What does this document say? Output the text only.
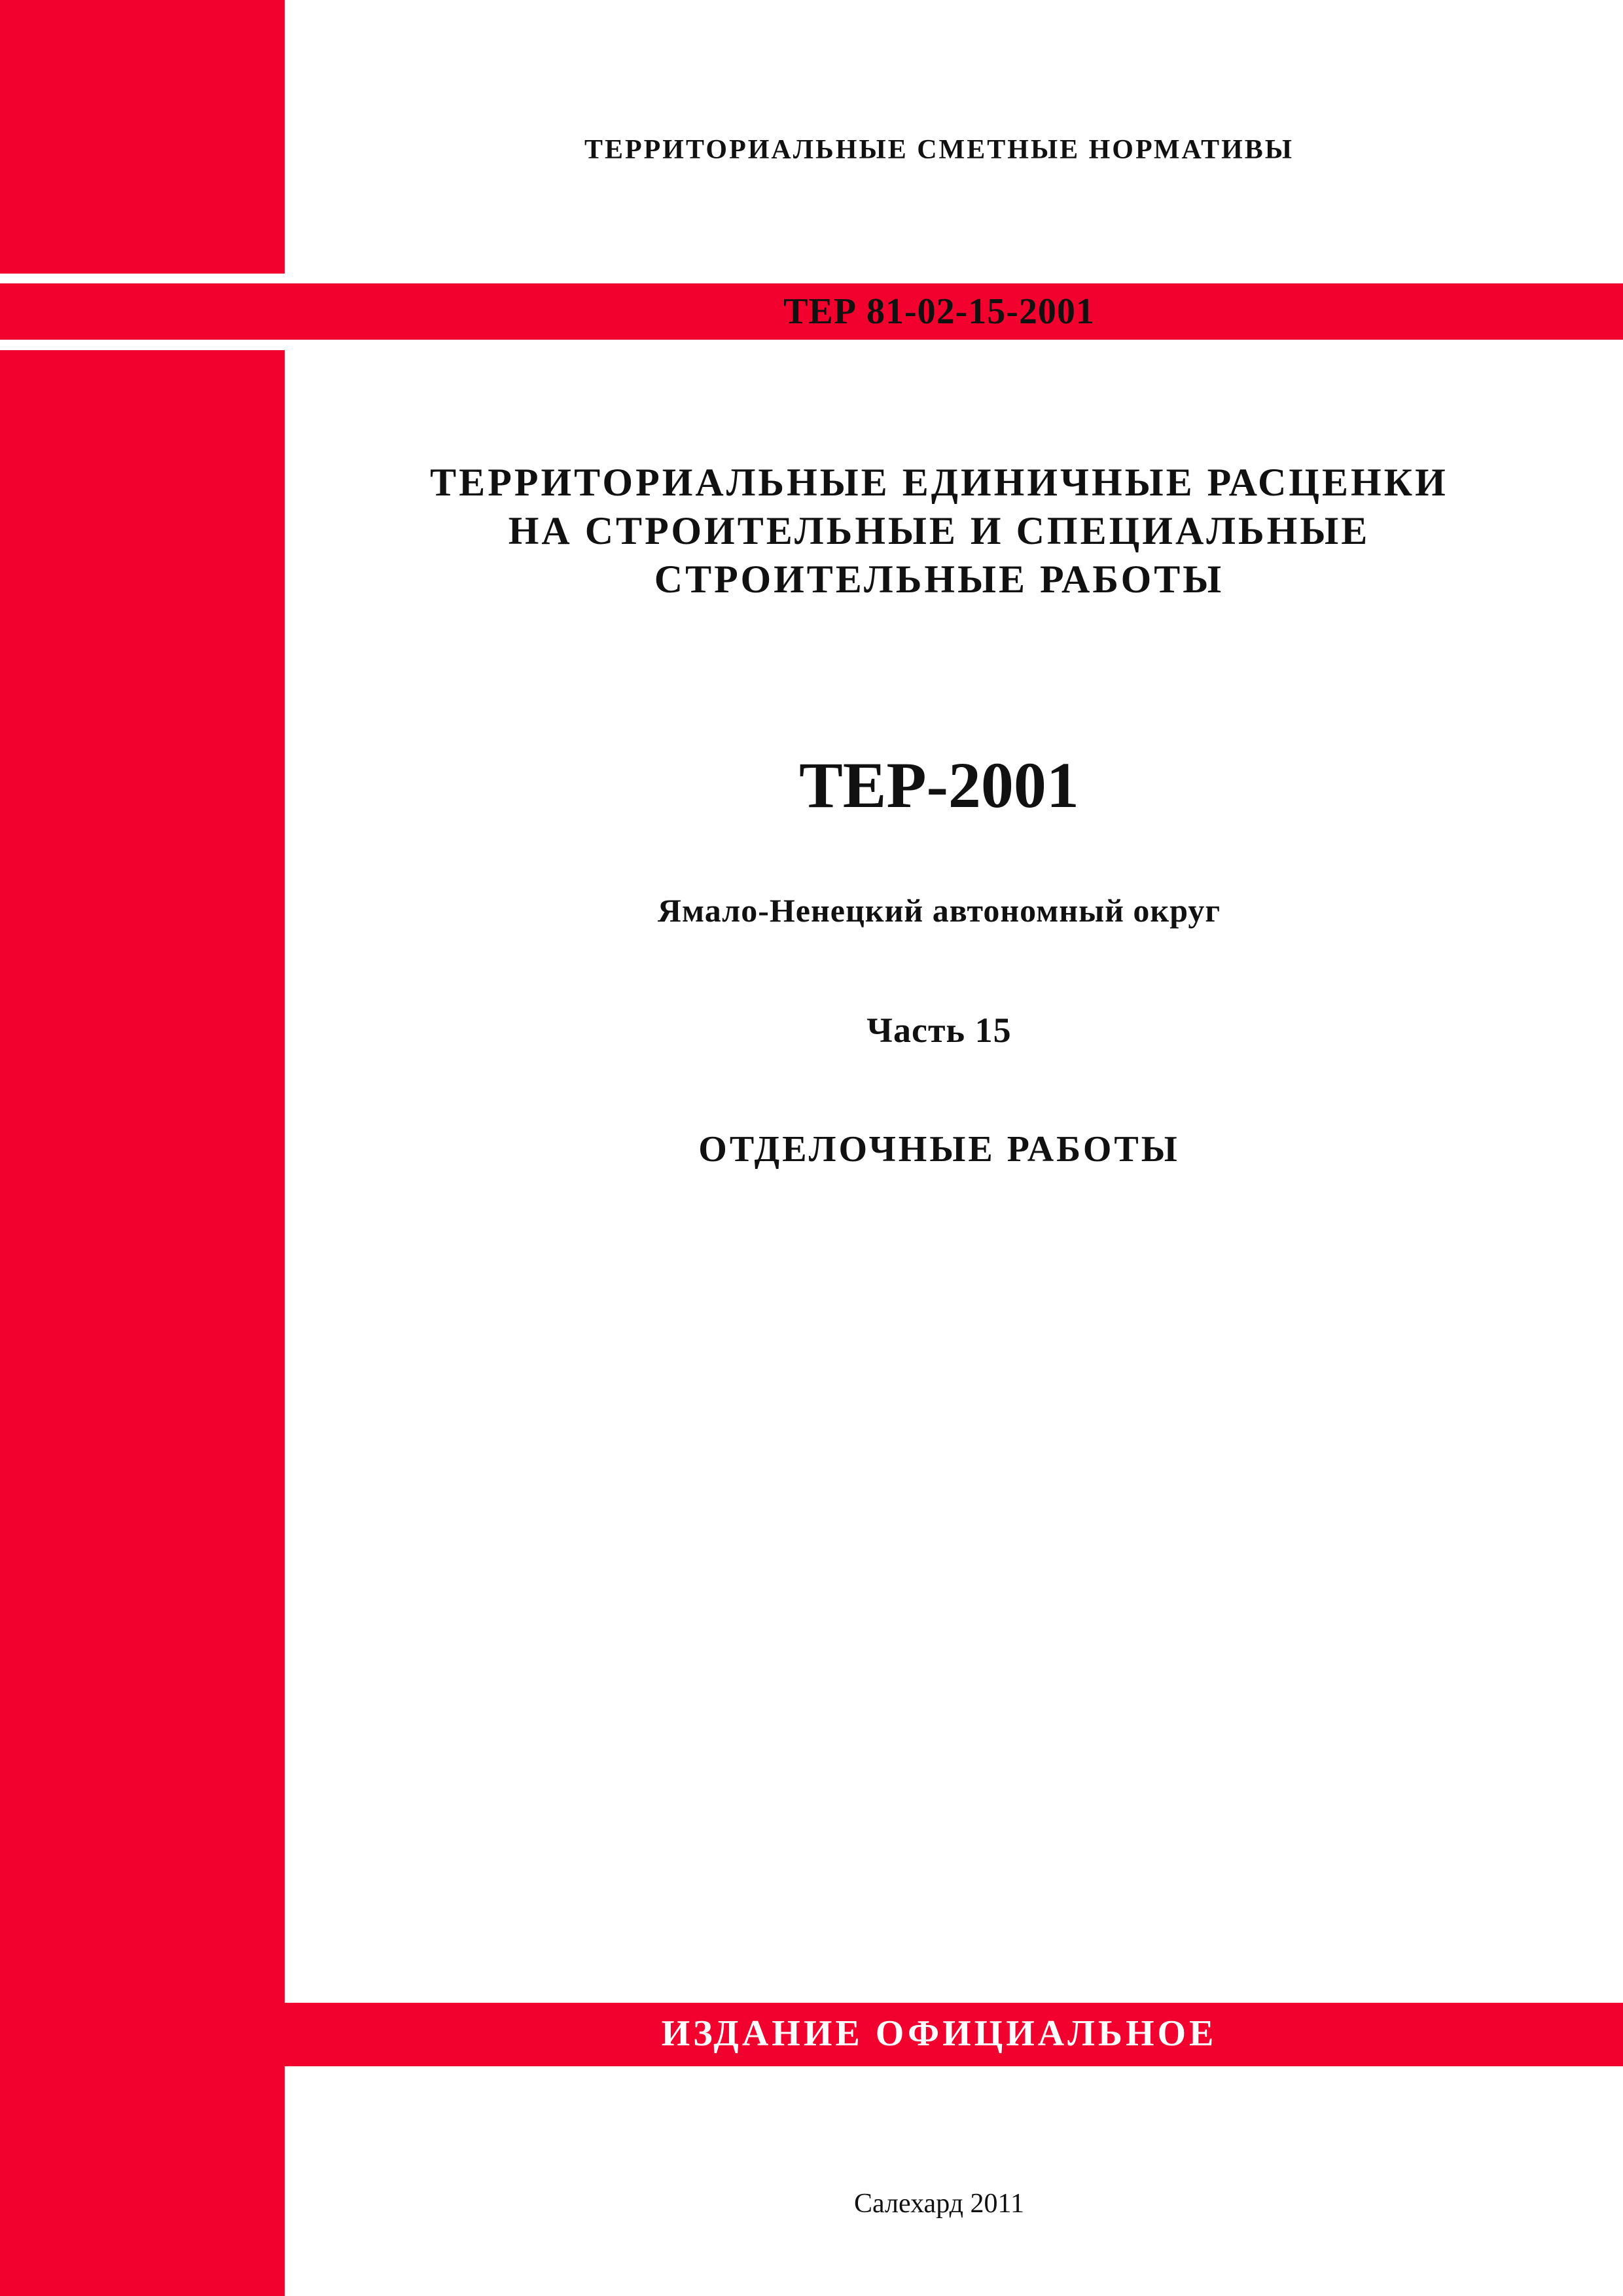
ТЕРРИТОРИАЛЬНЫЕ СМЕТНЫЕ НОРМАТИВЫ
ТЕР 81-02-15-2001
ТЕРРИТОРИАЛЬНЫЕ ЕДИНИЧНЫЕ РАСЦЕНКИ
НА СТРОИТЕЛЬНЫЕ И СПЕЦИАЛЬНЫЕ
СТРОИТЕЛЬНЫЕ РАБОТЫ
ТЕР-2001
Ямало-Ненецкий автономный округ
Часть 15
ОТДЕЛОЧНЫЕ РАБОТЫ
ИЗДАНИЕ ОФИЦИАЛЬНОЕ
Салехард 2011
